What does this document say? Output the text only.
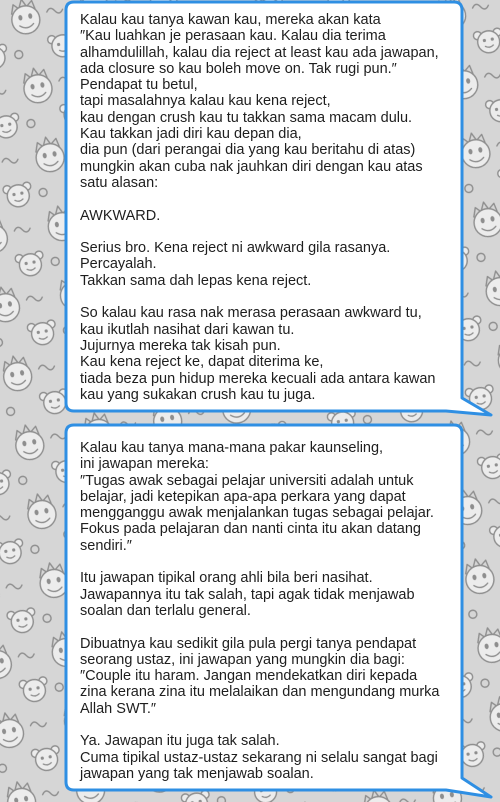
Kalau kau tanya kawan kau, mereka akan kata
″Kau luahkan je perasaan kau. Kalau dia terima
alhamdulillah, kalau dia reject at least kau ada jawapan,
ada closure so kau boleh move on. Tak rugi pun.″
Pendapat tu betul,
tapi masalahnya kalau kau kena reject,
kau dengan crush kau tu takkan sama macam dulu.
Kau takkan jadi diri kau depan dia,
dia pun (dari perangai dia yang kau beritahu di atas)
mungkin akan cuba nak jauhkan diri dengan kau atas
satu alasan:
AWKWARD.
Serius bro. Kena reject ni awkward gila rasanya.
Percayalah.
Takkan sama dah lepas kena reject.
So kalau kau rasa nak merasa perasaan awkward tu,
kau ikutlah nasihat dari kawan tu.
Jujurnya mereka tak kisah pun.
Kau kena reject ke, dapat diterima ke,
tiada beza pun hidup mereka kecuali ada antara kawan
kau yang sukakan crush kau tu juga.
Kalau kau tanya mana-mana pakar kaunseling,
ini jawapan mereka:
″Tugas awak sebagai pelajar universiti adalah untuk
belajar, jadi ketepikan apa-apa perkara yang dapat
mengganggu awak menjalankan tugas sebagai pelajar.
Fokus pada pelajaran dan nanti cinta itu akan datang
sendiri.″
Itu jawapan tipikal orang ahli bila beri nasihat.
Jawapannya itu tak salah, tapi agak tidak menjawab
soalan dan terlalu general.
Dibuatnya kau sedikit gila pula pergi tanya pendapat
seorang ustaz, ini jawapan yang mungkin dia bagi:
″Couple itu haram. Jangan mendekatkan diri kepada
zina kerana zina itu melalaikan dan mengundang murka
Allah SWT.″
Ya. Jawapan itu juga tak salah.
Cuma tipikal ustaz-ustaz sekarang ni selalu sangat bagi
jawapan yang tak menjawab soalan.
